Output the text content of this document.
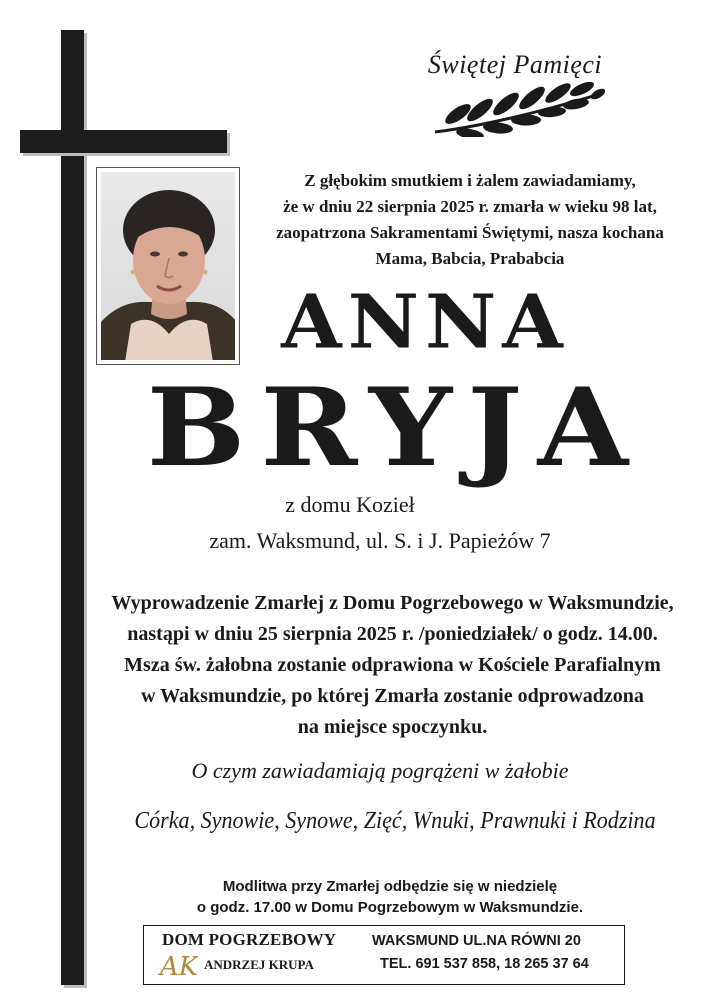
Świętej Pamięci
Z głębokim smutkiem i żalem zawiadamiamy,
że w dniu 22 sierpnia 2025 r. zmarła w wieku 98 lat,
zaopatrzona Sakramentami Świętymi, nasza kochana
Mama, Babcia, Prababcia
ANNA
BRYJA
z domu Kozieł
zam. Waksmund, ul. S. i J. Papieżów 7
Wyprowadzenie Zmarłej z Domu Pogrzebowego w Waksmundzie,
nastąpi w dniu 25 sierpnia 2025 r. /poniedziałek/ o godz. 14.00.
Msza św. żałobna zostanie odprawiona w Kościele Parafialnym
w Waksmundzie, po której Zmarła zostanie odprowadzona
na miejsce spoczynku.
O czym zawiadamiają pogrążeni w żałobie
Córka, Synowie, Synowe, Zięć, Wnuki, Prawnuki i Rodzina
Modlitwa przy Zmarłej odbędzie się w niedzielę
o godz. 17.00 w Domu Pogrzebowym w Waksmundzie.
DOM POGRZEBOWY
AK ANDRZEJ KRUPA
WAKSMUND UL.NA RÓWNI 20
TEL. 691 537 858, 18 265 37 64
